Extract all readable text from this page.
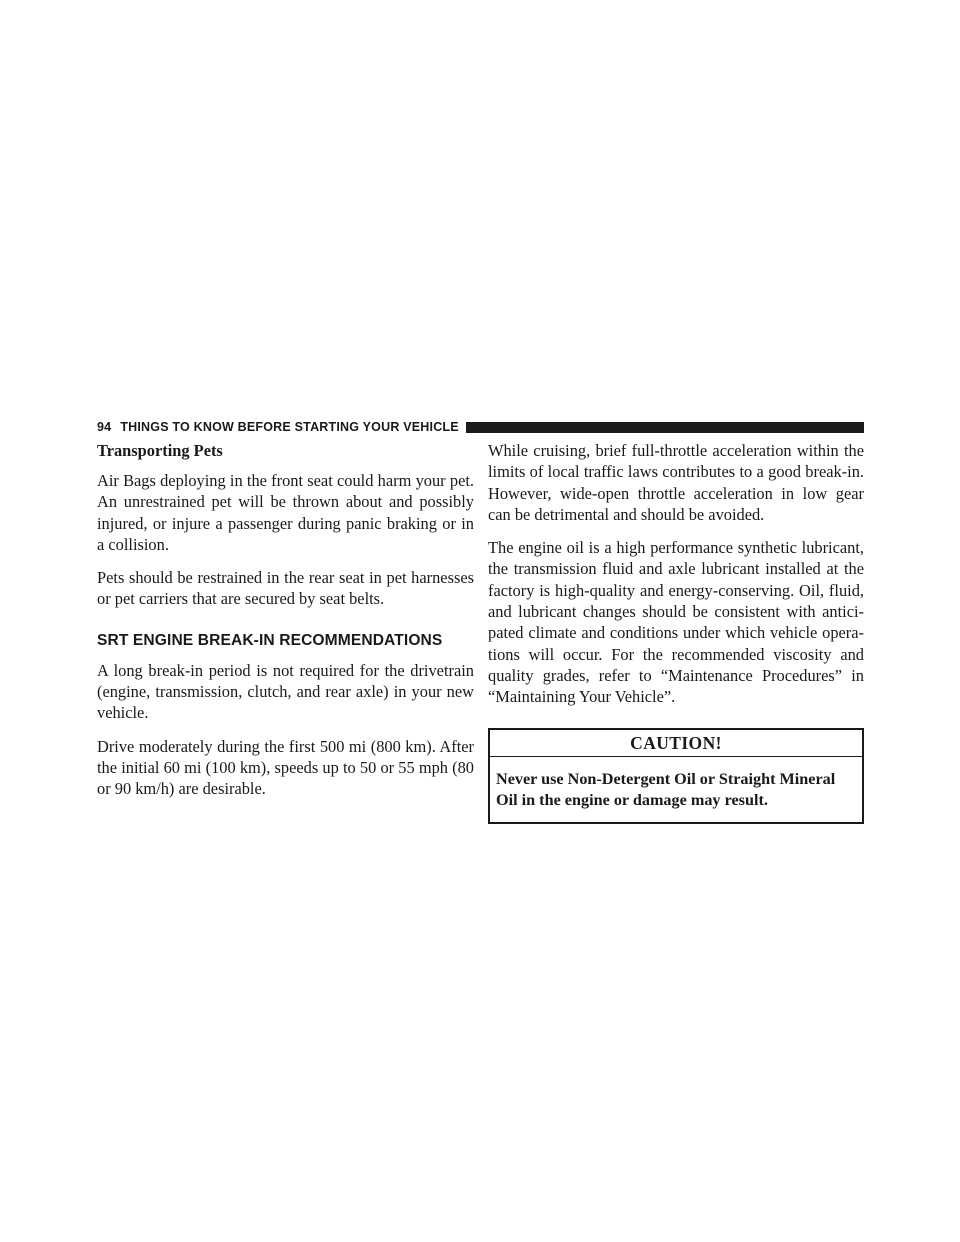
94 THINGS TO KNOW BEFORE STARTING YOUR VEHICLE

Transporting Pets

Air Bags deploying in the front seat could harm your pet. An unrestrained pet will be thrown about and possibly injured, or injure a passenger during panic braking or in a collision.

Pets should be restrained in the rear seat in pet harnesses or pet carriers that are secured by seat belts.

SRT ENGINE BREAK-IN RECOMMENDATIONS

A long break-in period is not required for the drivetrain (engine, transmission, clutch, and rear axle) in your new vehicle.

Drive moderately during the first 500 mi (800 km). After the initial 60 mi (100 km), speeds up to 50 or 55 mph (80 or 90 km/h) are desirable.

While cruising, brief full-throttle acceleration within the limits of local traffic laws contributes to a good break-in. However, wide-open throttle acceleration in low gear can be detrimental and should be avoided.

The engine oil is a high performance synthetic lubricant, the transmission fluid and axle lubricant installed at the factory is high-quality and energy-conserving. Oil, fluid, and lubricant changes should be consistent with antici-pated climate and conditions under which vehicle opera-tions will occur. For the recommended viscosity and quality grades, refer to “Maintenance Procedures” in “Maintaining Your Vehicle”.

CAUTION!
Never use Non-Detergent Oil or Straight Mineral Oil in the engine or damage may result.
